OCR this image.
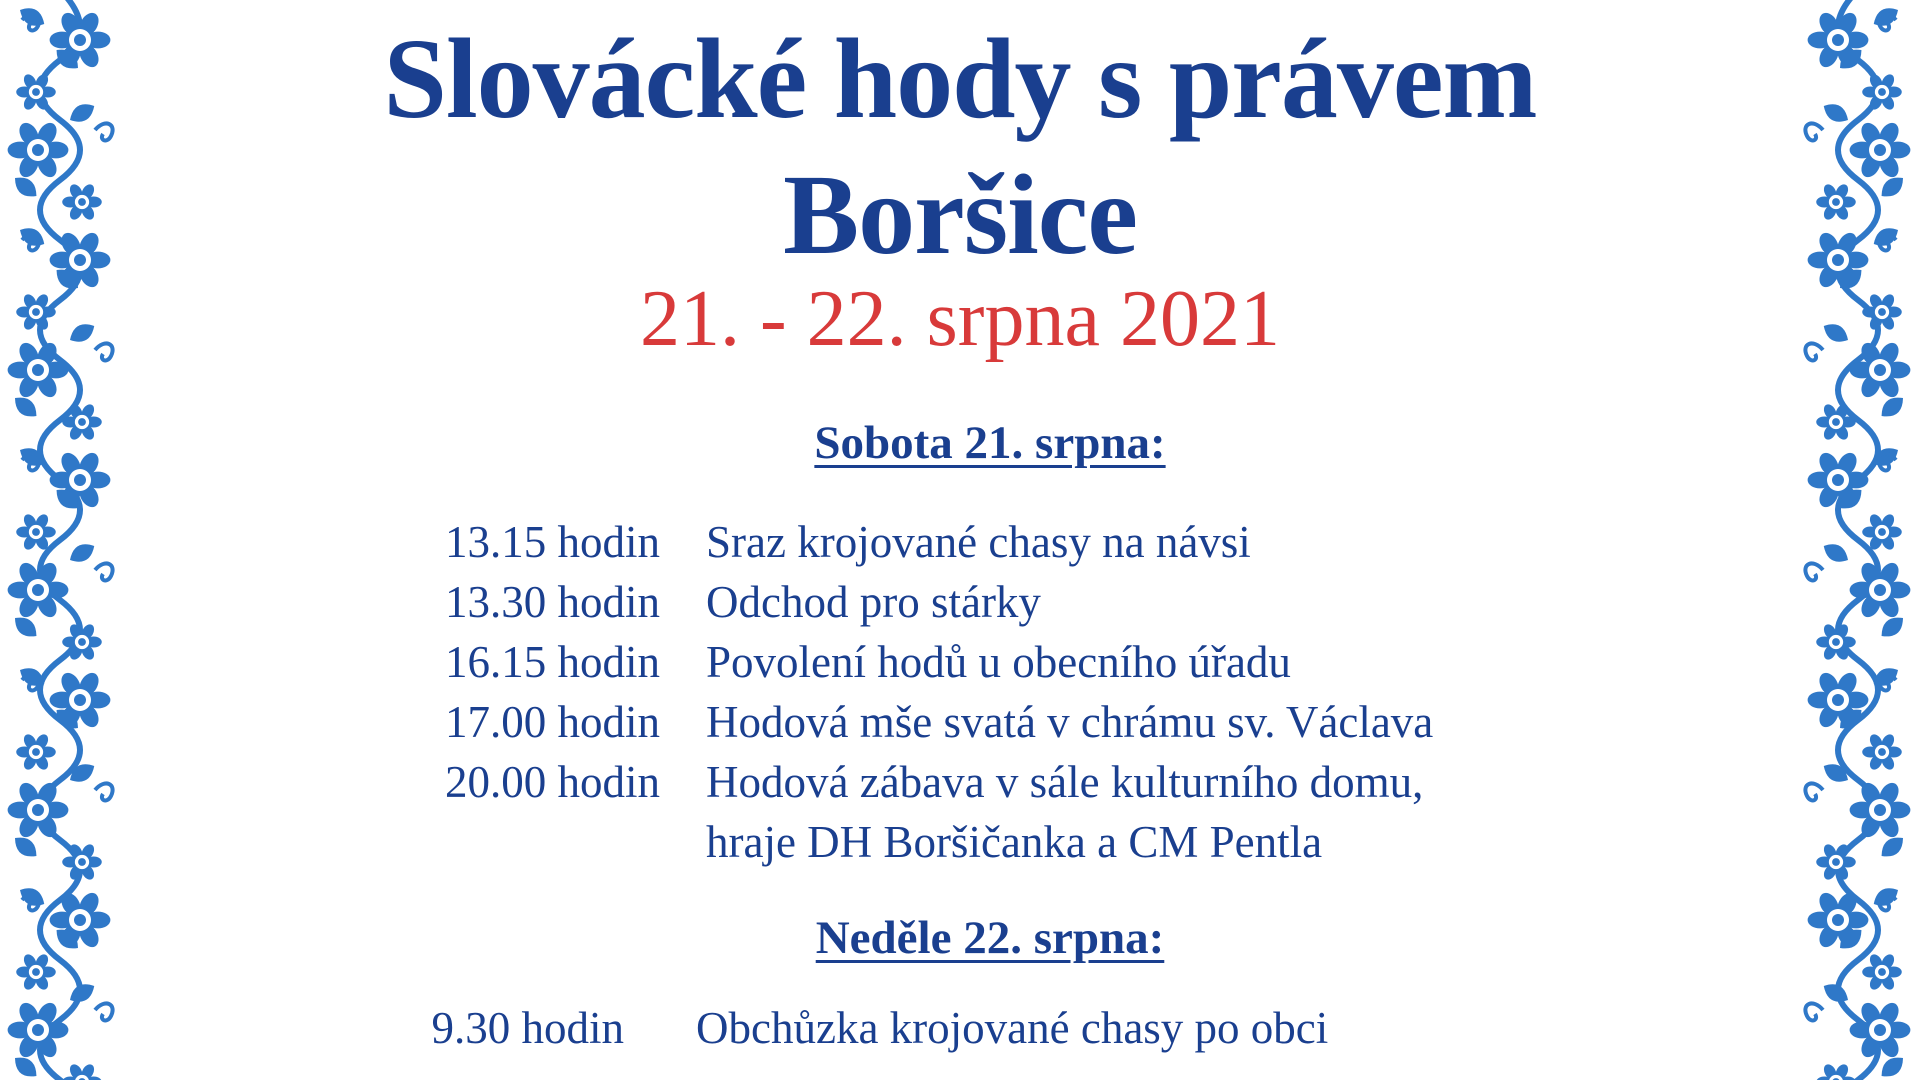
Slovácké hody s právem
Boršice
21. - 22. srpna 2021
Sobota 21. srpna:
13.15 hodin Sraz krojované chasy na návsi
13.30 hodin Odchod pro stárky
16.15 hodin Povolení hodů u obecního úřadu
17.00 hodin Hodová mše svatá v chrámu sv. Václava
20.00 hodin Hodová zábava v sále kulturního domu,
hraje DH Boršičanka a CM Pentla
Neděle 22. srpna:
9.30 hodin Obchůzka krojované chasy po obci
